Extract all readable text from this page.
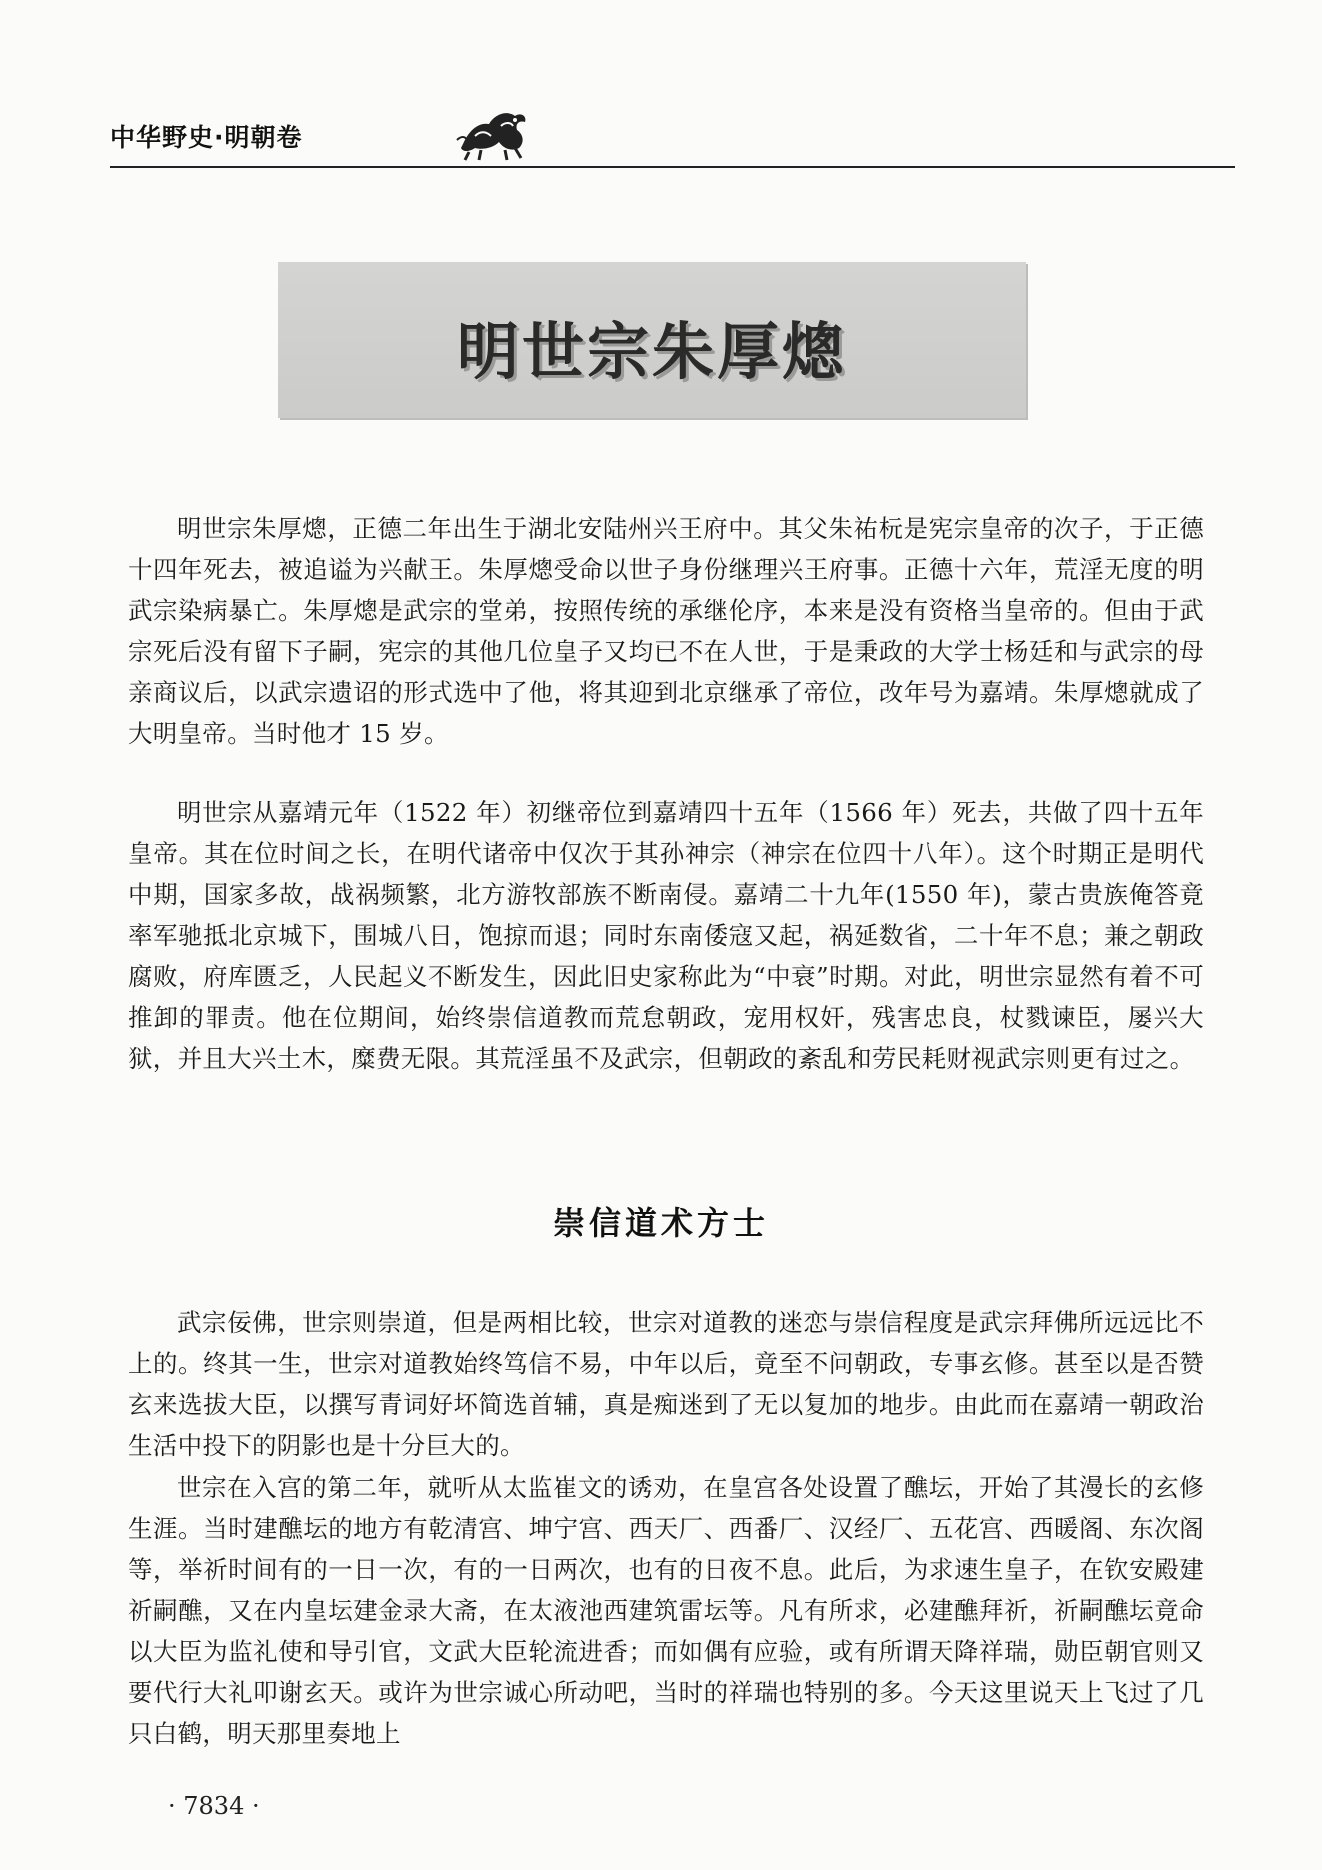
中华野史·明朝卷
明世宗朱厚熜

明世宗朱厚熜，正德二年出生于湖北安陆州兴王府中。其父朱祐杬是宪宗皇帝的次子，于正德十四年死去，被追谥为兴献王。朱厚熜受命以世子身份继理兴王府事。正德十六年，荒淫无度的明武宗染病暴亡。朱厚熜是武宗的堂弟，按照传统的承继伦序，本来是没有资格当皇帝的。但由于武宗死后没有留下子嗣，宪宗的其他几位皇子又均已不在人世，于是秉政的大学士杨廷和与武宗的母亲商议后，以武宗遗诏的形式选中了他，将其迎到北京继承了帝位，改年号为嘉靖。朱厚熜就成了大明皇帝。当时他才 15 岁。

明世宗从嘉靖元年（1522 年）初继帝位到嘉靖四十五年（1566 年）死去，共做了四十五年皇帝。其在位时间之长，在明代诸帝中仅次于其孙神宗（神宗在位四十八年）。这个时期正是明代中期，国家多故，战祸频繁，北方游牧部族不断南侵。嘉靖二十九年(1550 年)，蒙古贵族俺答竟率军驰抵北京城下，围城八日，饱掠而退；同时东南倭寇又起，祸延数省，二十年不息；兼之朝政腐败，府库匮乏，人民起义不断发生，因此旧史家称此为“中衰”时期。对此，明世宗显然有着不可推卸的罪责。他在位期间，始终崇信道教而荒怠朝政，宠用权奸，残害忠良，杖戮谏臣，屡兴大狱，并且大兴土木，糜费无限。其荒淫虽不及武宗，但朝政的紊乱和劳民耗财视武宗则更有过之。

崇信道术方士

武宗佞佛，世宗则崇道，但是两相比较，世宗对道教的迷恋与崇信程度是武宗拜佛所远远比不上的。终其一生，世宗对道教始终笃信不易，中年以后，竟至不问朝政，专事玄修。甚至以是否赞玄来选拔大臣，以撰写青词好坏简选首辅，真是痴迷到了无以复加的地步。由此而在嘉靖一朝政治生活中投下的阴影也是十分巨大的。

世宗在入宫的第二年，就听从太监崔文的诱劝，在皇宫各处设置了醮坛，开始了其漫长的玄修生涯。当时建醮坛的地方有乾清宫、坤宁宫、西天厂、西番厂、汉经厂、五花宫、西暖阁、东次阁等，举祈时间有的一日一次，有的一日两次，也有的日夜不息。此后，为求速生皇子，在钦安殿建祈嗣醮，又在内皇坛建金录大斋，在太液池西建筑雷坛等。凡有所求，必建醮拜祈，祈嗣醮坛竟命以大臣为监礼使和导引官，文武大臣轮流进香；而如偶有应验，或有所谓天降祥瑞，勋臣朝官则又要代行大礼叩谢玄天。或许为世宗诚心所动吧，当时的祥瑞也特别的多。今天这里说天上飞过了几只白鹤，明天那里奏地上

· 7834 ·
